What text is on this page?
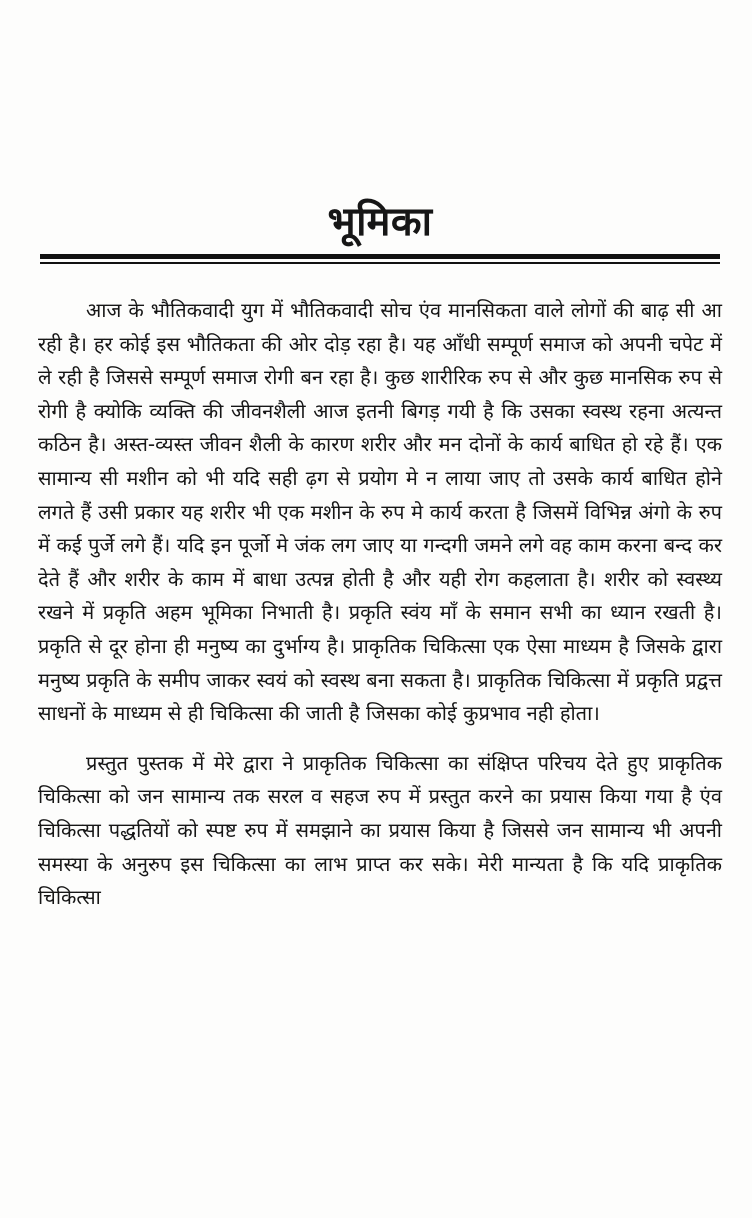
भूमिका

आज के भौतिकवादी युग में भौतिकवादी सोच एंव मानसिकता वाले लोगों की बाढ़ सी आ रही है। हर कोई इस भौतिकता की ओर दोड़ रहा है। यह आँधी सम्पूर्ण समाज को अपनी चपेट में ले रही है जिससे सम्पूर्ण समाज रोगी बन रहा है। कुछ शारीरिक रुप से और कुछ मानसिक रुप से रोगी है क्योकि व्यक्ति की जीवनशैली आज इतनी बिगड़ गयी है कि उसका स्वस्थ रहना अत्यन्त कठिन है। अस्त-व्यस्त जीवन शैली के कारण शरीर और मन दोनों के कार्य बाधित हो रहे हैं। एक सामान्य सी मशीन को भी यदि सही ढ़ग से प्रयोग मे न लाया जाए तो उसके कार्य बाधित होने लगते हैं उसी प्रकार यह शरीर भी एक मशीन के रुप मे कार्य करता है जिसमें विभिन्न अंगो के रुप में कई पुर्जे लगे हैं। यदि इन पूर्जो मे जंक लग जाए या गन्दगी जमने लगे वह काम करना बन्द कर देते हैं और शरीर के काम में बाधा उत्पन्न होती है और यही रोग कहलाता है। शरीर को स्वस्थ्य रखने में प्रकृति अहम भूमिका निभाती है। प्रकृति स्वंय माँ के समान सभी का ध्यान रखती है। प्रकृति से दूर होना ही मनुष्य का दुर्भाग्य है। प्राकृतिक चिकित्सा एक ऐसा माध्यम है जिसके द्वारा मनुष्य प्रकृति के समीप जाकर स्वयं को स्वस्थ बना सकता है। प्राकृतिक चिकित्सा में प्रकृति प्रद्वत्त साधनों के माध्यम से ही चिकित्सा की जाती है जिसका कोई कुप्रभाव नही होता।

प्रस्तुत पुस्तक में मेरे द्वारा ने प्राकृतिक चिकित्सा का संक्षिप्त परिचय देते हुए प्राकृतिक चिकित्सा को जन सामान्य तक सरल व सहज रुप में प्रस्तुत करने का प्रयास किया गया है एंव चिकित्सा पद्धतियों को स्पष्ट रुप में समझाने का प्रयास किया है जिससे जन सामान्य भी अपनी समस्या के अनुरुप इस चिकित्सा का लाभ प्राप्त कर सके। मेरी मान्यता है कि यदि प्राकृतिक चिकित्सा
